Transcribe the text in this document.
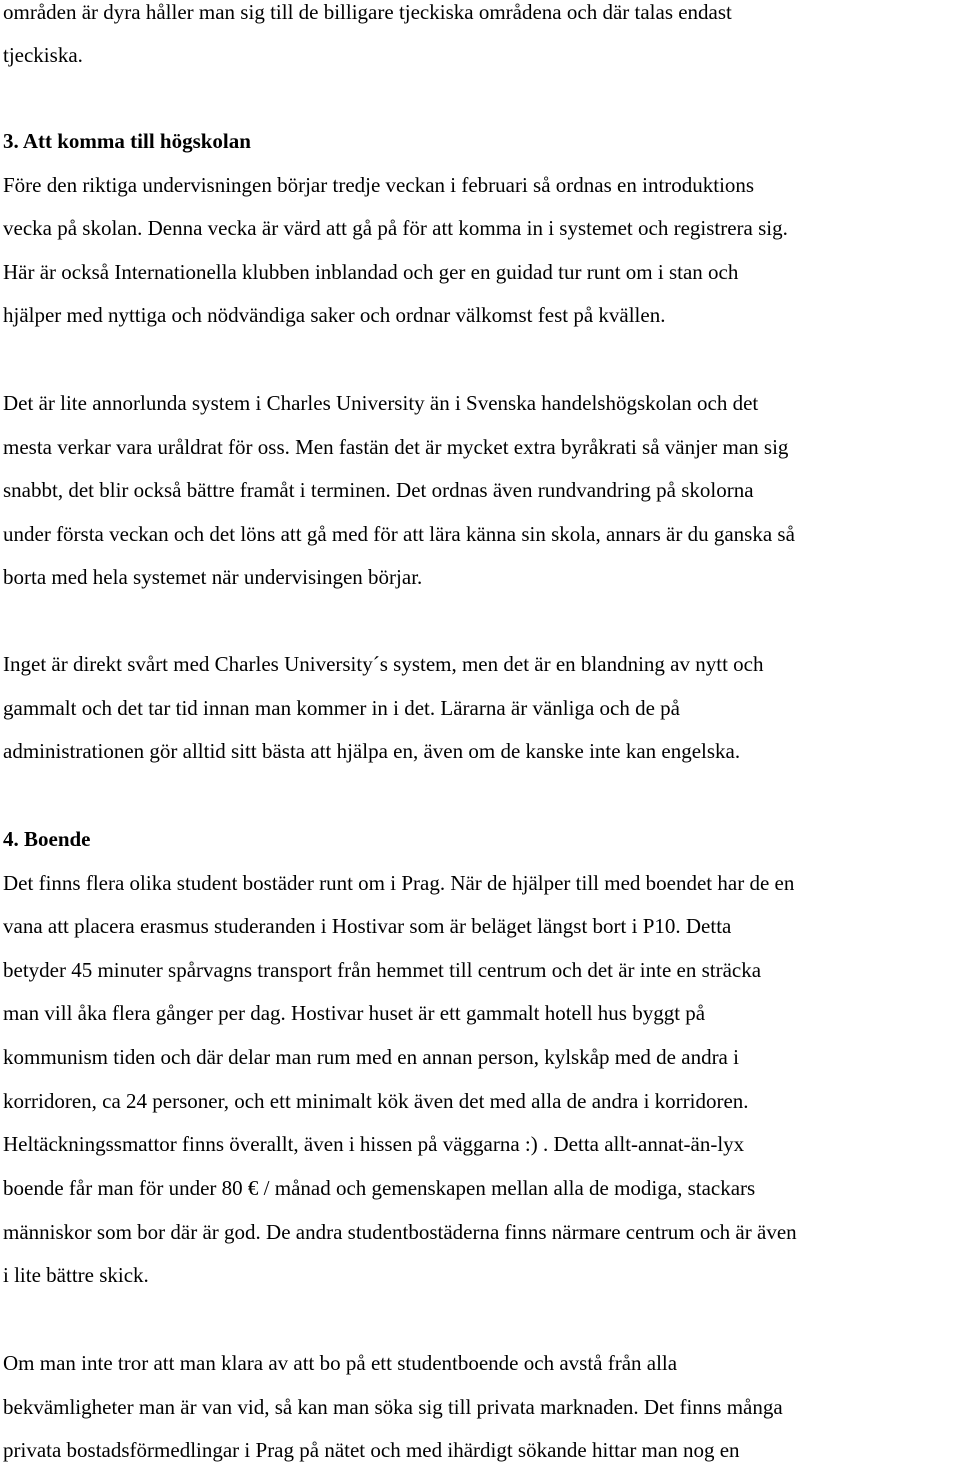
områden är dyra håller man sig till de billigare tjeckiska områdena och där talas endast
tjeckiska.
3. Att komma till högskolan
Före den riktiga undervisningen börjar tredje veckan i februari så ordnas en introduktions
vecka på skolan. Denna vecka är värd att gå på för att komma in i systemet och registrera sig.
Här är också Internationella klubben inblandad och ger en guidad tur runt om i stan och
hjälper med nyttiga och nödvändiga saker och ordnar välkomst fest på kvällen.
Det är lite annorlunda system i Charles University än i Svenska handelshögskolan och det
mesta verkar vara uråldrat för oss. Men fastän det är mycket extra byråkrati så vänjer man sig
snabbt, det blir också bättre framåt i terminen. Det ordnas även rundvandring på skolorna
under första veckan och det löns att gå med för att lära känna sin skola, annars är du ganska så
borta med hela systemet när undervisingen börjar.
Inget är direkt svårt med Charles University´s system, men det är en blandning av nytt och
gammalt och det tar tid innan man kommer in i det. Lärarna är vänliga och de på
administrationen gör alltid sitt bästa att hjälpa en, även om de kanske inte kan engelska.
4. Boende
Det finns flera olika student bostäder runt om i Prag. När de hjälper till med boendet har de en
vana att placera erasmus studeranden i Hostivar som är beläget längst bort i P10. Detta
betyder 45 minuter spårvagns transport från hemmet till centrum och det är inte en sträcka
man vill åka flera gånger per dag. Hostivar huset är ett gammalt hotell hus byggt på
kommunism tiden och där delar man rum med en annan person, kylskåp med de andra i
korridoren, ca 24 personer, och ett minimalt kök även det med alla de andra i korridoren.
Heltäckningssmattor finns överallt, även i hissen på väggarna :) . Detta allt-annat-än-lyx
boende får man för under 80 € / månad och gemenskapen mellan alla de modiga, stackars
människor som bor där är god. De andra studentbostäderna finns närmare centrum och är även
i lite bättre skick.
Om man inte tror att man klara av att bo på ett studentboende och avstå från alla
bekvämligheter man är van vid, så kan man söka sig till privata marknaden. Det finns många
privata bostadsförmedlingar i Prag på nätet och med ihärdigt sökande hittar man nog en
